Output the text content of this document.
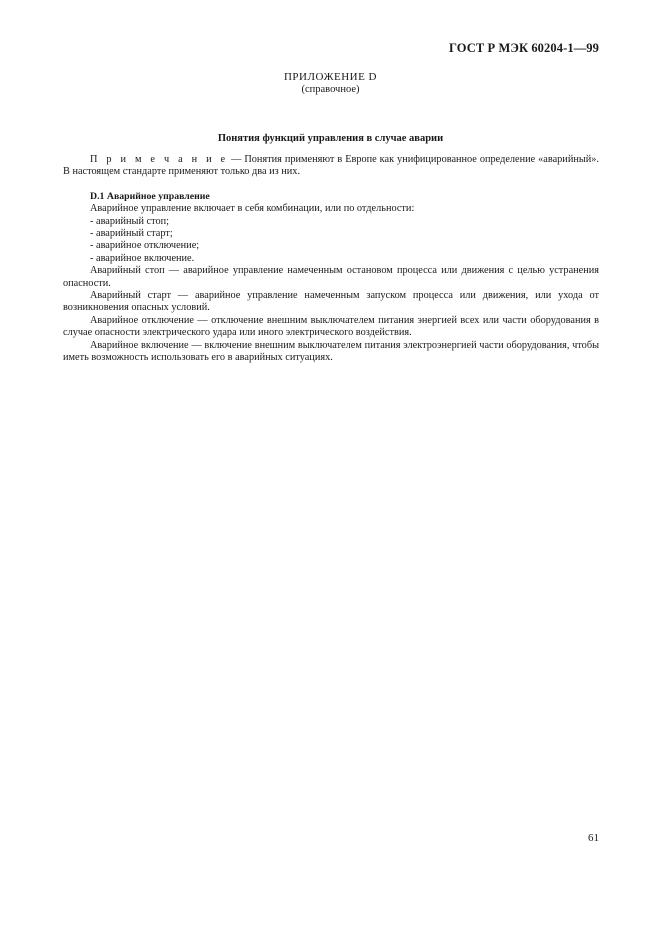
ГОСТ Р МЭК 60204-1—99
ПРИЛОЖЕНИЕ D
(справочное)
Понятия функций управления в случае аварии

П р и м е ч а н и е — Понятия применяют в Европе как унифицированное определение «аварийный». В настоящем стандарте применяют только два из них.

D.1 Аварийное управление

Аварийное управление включает в себя комбинации, или по отдельности:

- аварийный стоп;

- аварийный старт;

- аварийное отключение;

- аварийное включение.

Аварийный стоп — аварийное управление намеченным остановом процесса или движения с целью устранения опасности.

Аварийный старт — аварийное управление намеченным запуском процесса или движения, или ухода от возникновения опасных условий.

Аварийное отключение — отключение внешним выключателем питания энергией всех или части оборудования в случае опасности электрического удара или иного электрического воздействия.

Аварийное включение — включение внешним выключателем питания электроэнергией части оборудования, чтобы иметь возможность использовать его в аварийных ситуациях.

61
